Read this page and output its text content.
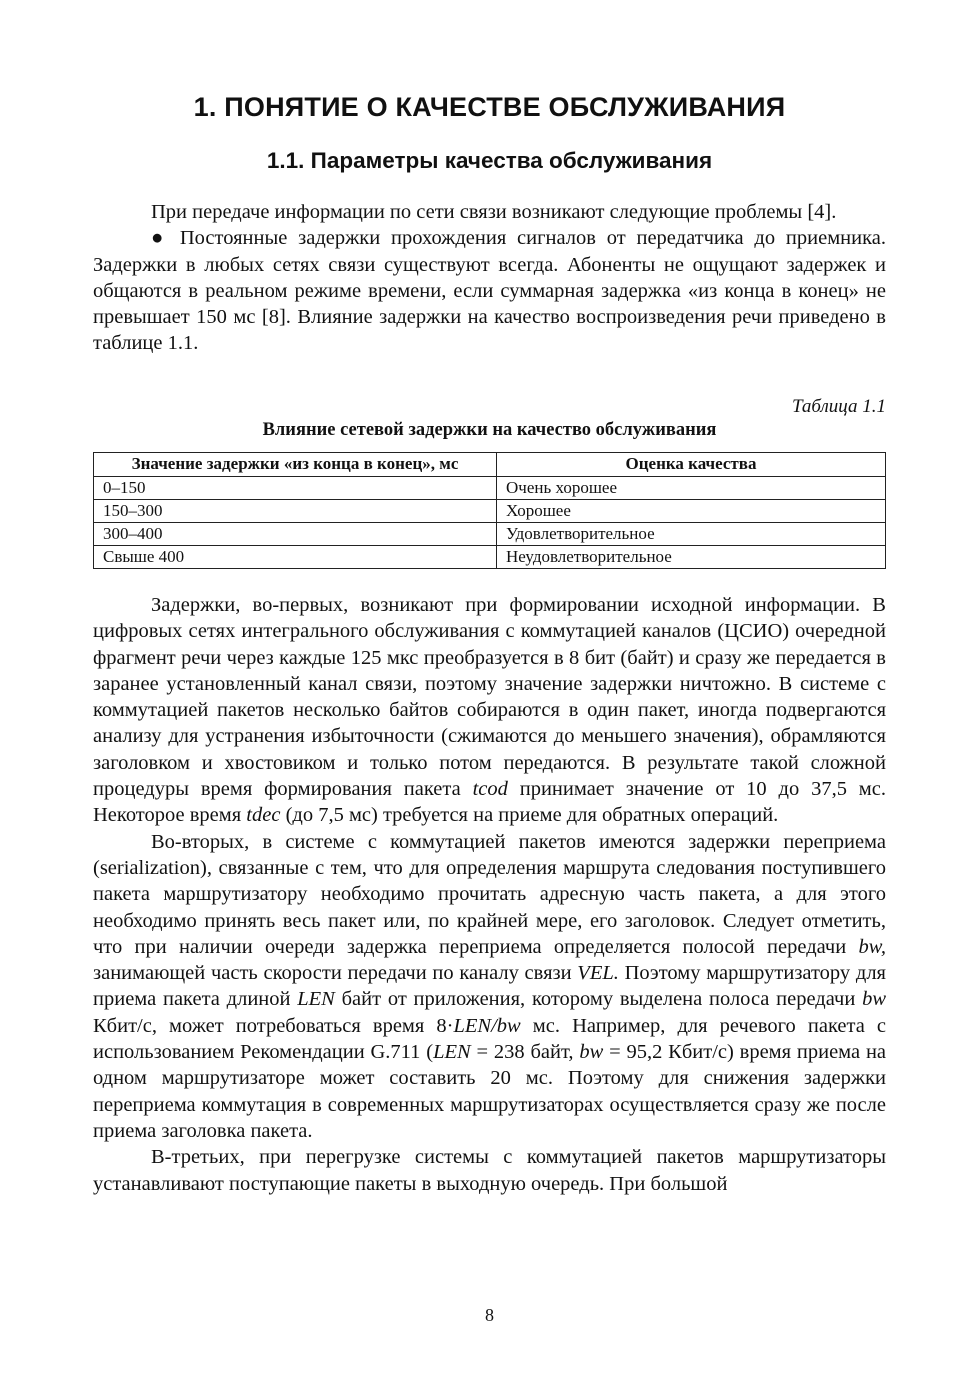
1. ПОНЯТИЕ О КАЧЕСТВЕ ОБСЛУЖИВАНИЯ
1.1. Параметры качества обслуживания

При передаче информации по сети связи возникают следующие проблемы [4].

● Постоянные задержки прохождения сигналов от передатчика до приемника. Задержки в любых сетях связи существуют всегда. Абоненты не ощущают задержек и общаются в реальном режиме времени, если суммарная задержка «из конца в конец» не превышает 150 мс [8]. Влияние задержки на качество воспроизведения речи приведено в таблице 1.1.

Таблица 1.1
Влияние сетевой задержки на качество обслуживания
Значение задержки «из конца в конец», мс	Оценка качества
0–150	Очень хорошее
150–300	Хорошее
300–400	Удовлетворительное
Свыше 400	Неудовлетворительное

Задержки, во-первых, возникают при формировании исходной информации. В цифровых сетях интегрального обслуживания с коммутацией каналов (ЦСИО) очередной фрагмент речи через каждые 125 мкс преобразуется в 8 бит (байт) и сразу же передается в заранее установленный канал связи, поэтому значение задержки ничтожно. В системе с коммутацией пакетов несколько байтов собираются в один пакет, иногда подвергаются анализу для устранения избыточности (сжимаются до меньшего значения), обрамляются заголовком и хвостовиком и только потом передаются. В результате такой сложной процедуры время формирования пакета tcod принимает значение от 10 до 37,5 мс. Некоторое время tdec (до 7,5 мс) требуется на приеме для обратных операций.

Во-вторых, в системе с коммутацией пакетов имеются задержки переприема (serialization), связанные с тем, что для определения маршрута следования поступившего пакета маршрутизатору необходимо прочитать адресную часть пакета, а для этого необходимо принять весь пакет или, по крайней мере, его заголовок. Следует отметить, что при наличии очереди задержка переприема определяется полосой передачи bw, занимающей часть скорости передачи по каналу связи VEL. Поэтому маршрутизатору для приема пакета длиной LEN байт от приложения, которому выделена полоса передачи bw Кбит/с, может потребоваться время 8·LEN/bw мс. Например, для речевого пакета с использованием Рекомендации G.711 (LEN = 238 байт, bw = 95,2 Кбит/с) время приема на одном маршрутизаторе может составить 20 мс. Поэтому для снижения задержки переприема коммутация в современных маршрутизаторах осуществляется сразу же после приема заголовка пакета.

В-третьих, при перегрузке системы с коммутацией пакетов маршрутизаторы устанавливают поступающие пакеты в выходную очередь. При большой

8
